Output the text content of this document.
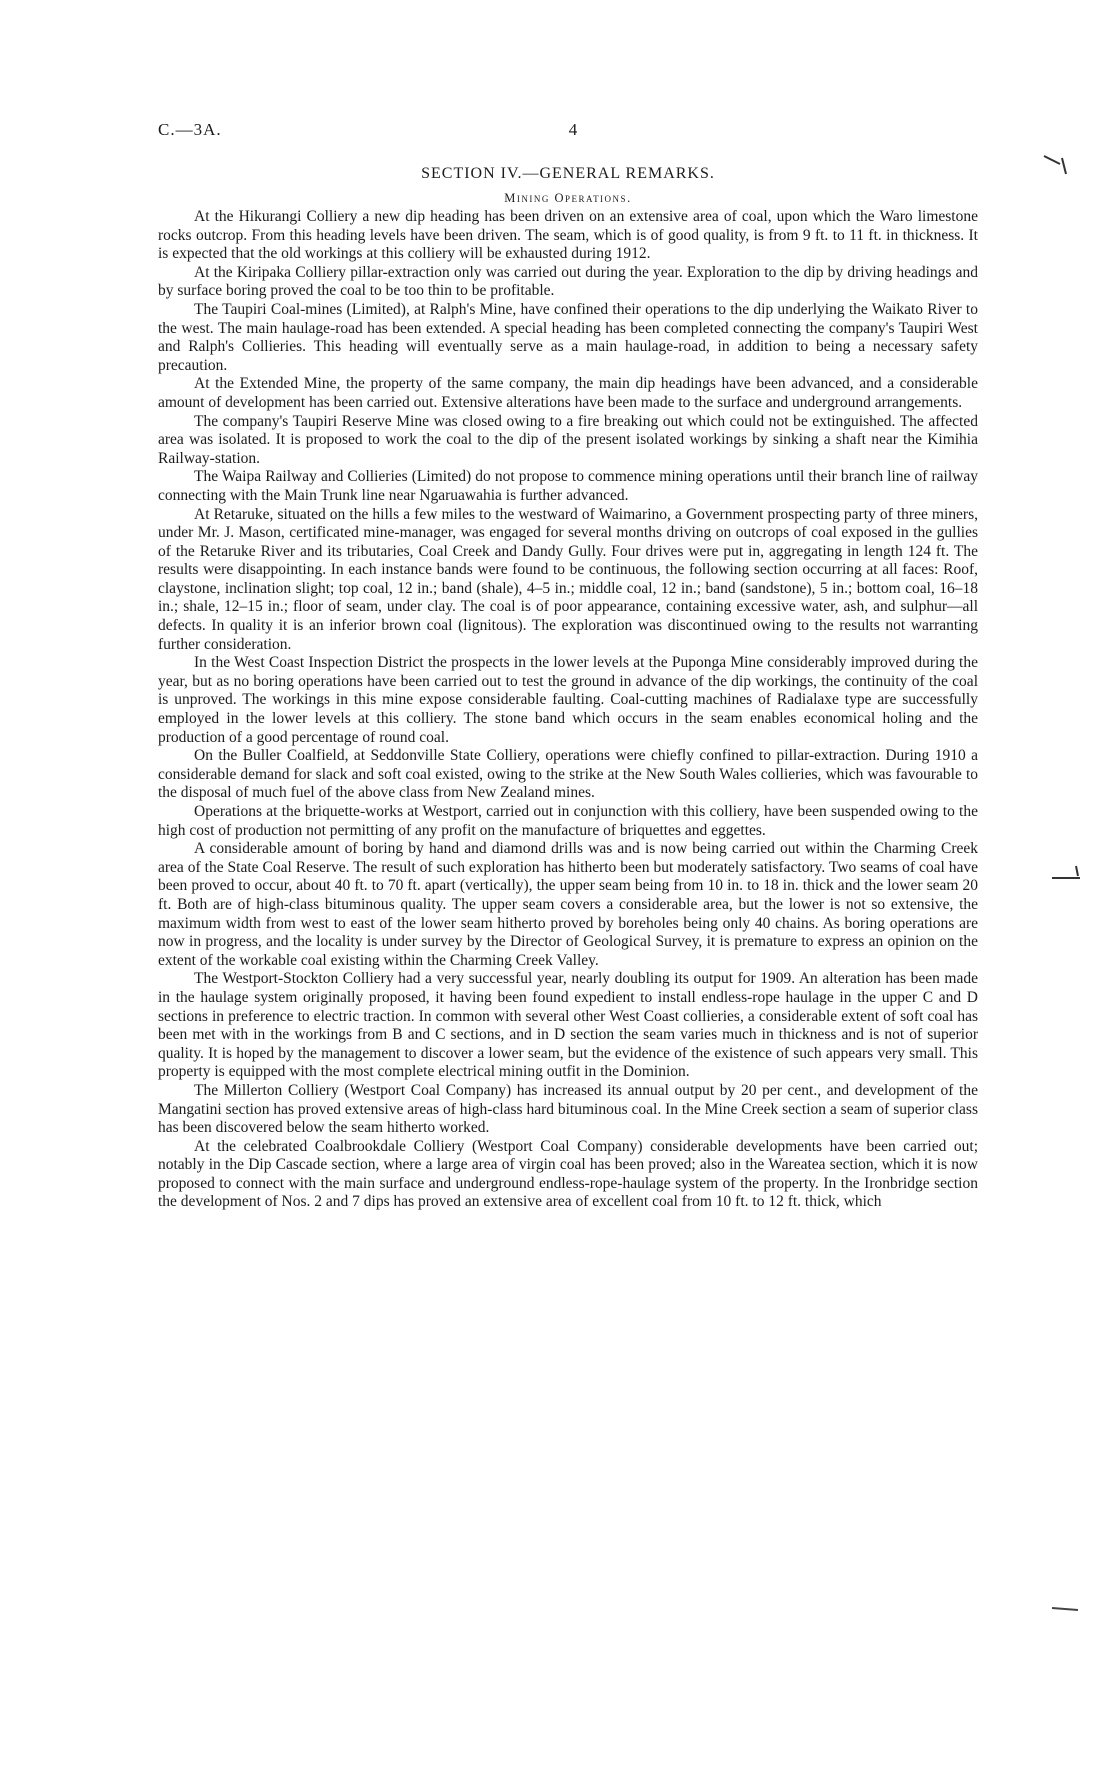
C.—3A.	4
SECTION IV.—GENERAL REMARKS.
Mining Operations.

At the Hikurangi Colliery a new dip heading has been driven on an extensive area of coal, upon which the Waro limestone rocks outcrop. From this heading levels have been driven. The seam, which is of good quality, is from 9 ft. to 11 ft. in thickness. It is expected that the old workings at this colliery will be exhausted during 1912.

At the Kiripaka Colliery pillar-extraction only was carried out during the year. Exploration to the dip by driving headings and by surface boring proved the coal to be too thin to be profitable.

The Taupiri Coal-mines (Limited), at Ralph's Mine, have confined their operations to the dip underlying the Waikato River to the west. The main haulage-road has been extended. A special heading has been completed connecting the company's Taupiri West and Ralph's Collieries. This heading will eventually serve as a main haulage-road, in addition to being a necessary safety precaution.

At the Extended Mine, the property of the same company, the main dip headings have been advanced, and a considerable amount of development has been carried out. Extensive alterations have been made to the surface and underground arrangements.

The company's Taupiri Reserve Mine was closed owing to a fire breaking out which could not be extinguished. The affected area was isolated. It is proposed to work the coal to the dip of the present isolated workings by sinking a shaft near the Kimihia Railway-station.

The Waipa Railway and Collieries (Limited) do not propose to commence mining operations until their branch line of railway connecting with the Main Trunk line near Ngaruawahia is further advanced.

At Retaruke, situated on the hills a few miles to the westward of Waimarino, a Government prospecting party of three miners, under Mr. J. Mason, certificated mine-manager, was engaged for several months driving on outcrops of coal exposed in the gullies of the Retaruke River and its tributaries, Coal Creek and Dandy Gully. Four drives were put in, aggregating in length 124 ft. The results were disappointing. In each instance bands were found to be continuous, the following section occurring at all faces: Roof, claystone, inclination slight; top coal, 12 in.; band (shale), 4–5 in.; middle coal, 12 in.; band (sandstone), 5 in.; bottom coal, 16–18 in.; shale, 12–15 in.; floor of seam, under clay. The coal is of poor appearance, containing excessive water, ash, and sulphur—all defects. In quality it is an inferior brown coal (lignitous). The exploration was discontinued owing to the results not warranting further consideration.

In the West Coast Inspection District the prospects in the lower levels at the Puponga Mine considerably improved during the year, but as no boring operations have been carried out to test the ground in advance of the dip workings, the continuity of the coal is unproved. The workings in this mine expose considerable faulting. Coal-cutting machines of Radialaxe type are successfully employed in the lower levels at this colliery. The stone band which occurs in the seam enables economical holing and the production of a good percentage of round coal.

On the Buller Coalfield, at Seddonville State Colliery, operations were chiefly confined to pillar-extraction. During 1910 a considerable demand for slack and soft coal existed, owing to the strike at the New South Wales collieries, which was favourable to the disposal of much fuel of the above class from New Zealand mines.

Operations at the briquette-works at Westport, carried out in conjunction with this colliery, have been suspended owing to the high cost of production not permitting of any profit on the manufacture of briquettes and eggettes.

A considerable amount of boring by hand and diamond drills was and is now being carried out within the Charming Creek area of the State Coal Reserve. The result of such exploration has hitherto been but moderately satisfactory. Two seams of coal have been proved to occur, about 40 ft. to 70 ft. apart (vertically), the upper seam being from 10 in. to 18 in. thick and the lower seam 20 ft. Both are of high-class bituminous quality. The upper seam covers a considerable area, but the lower is not so extensive, the maximum width from west to east of the lower seam hitherto proved by boreholes being only 40 chains. As boring operations are now in progress, and the locality is under survey by the Director of Geological Survey, it is premature to express an opinion on the extent of the workable coal existing within the Charming Creek Valley.

The Westport-Stockton Colliery had a very successful year, nearly doubling its output for 1909. An alteration has been made in the haulage system originally proposed, it having been found expedient to install endless-rope haulage in the upper C and D sections in preference to electric traction. In common with several other West Coast collieries, a considerable extent of soft coal has been met with in the workings from B and C sections, and in D section the seam varies much in thickness and is not of superior quality. It is hoped by the management to discover a lower seam, but the evidence of the existence of such appears very small. This property is equipped with the most complete electrical mining outfit in the Dominion.

The Millerton Colliery (Westport Coal Company) has increased its annual output by 20 per cent., and development of the Mangatini section has proved extensive areas of high-class hard bituminous coal. In the Mine Creek section a seam of superior class has been discovered below the seam hitherto worked.

At the celebrated Coalbrookdale Colliery (Westport Coal Company) considerable developments have been carried out; notably in the Dip Cascade section, where a large area of virgin coal has been proved; also in the Wareatea section, which it is now proposed to connect with the main surface and underground endless-rope-haulage system of the property. In the Ironbridge section the development of Nos. 2 and 7 dips has proved an extensive area of excellent coal from 10 ft. to 12 ft. thick, which
